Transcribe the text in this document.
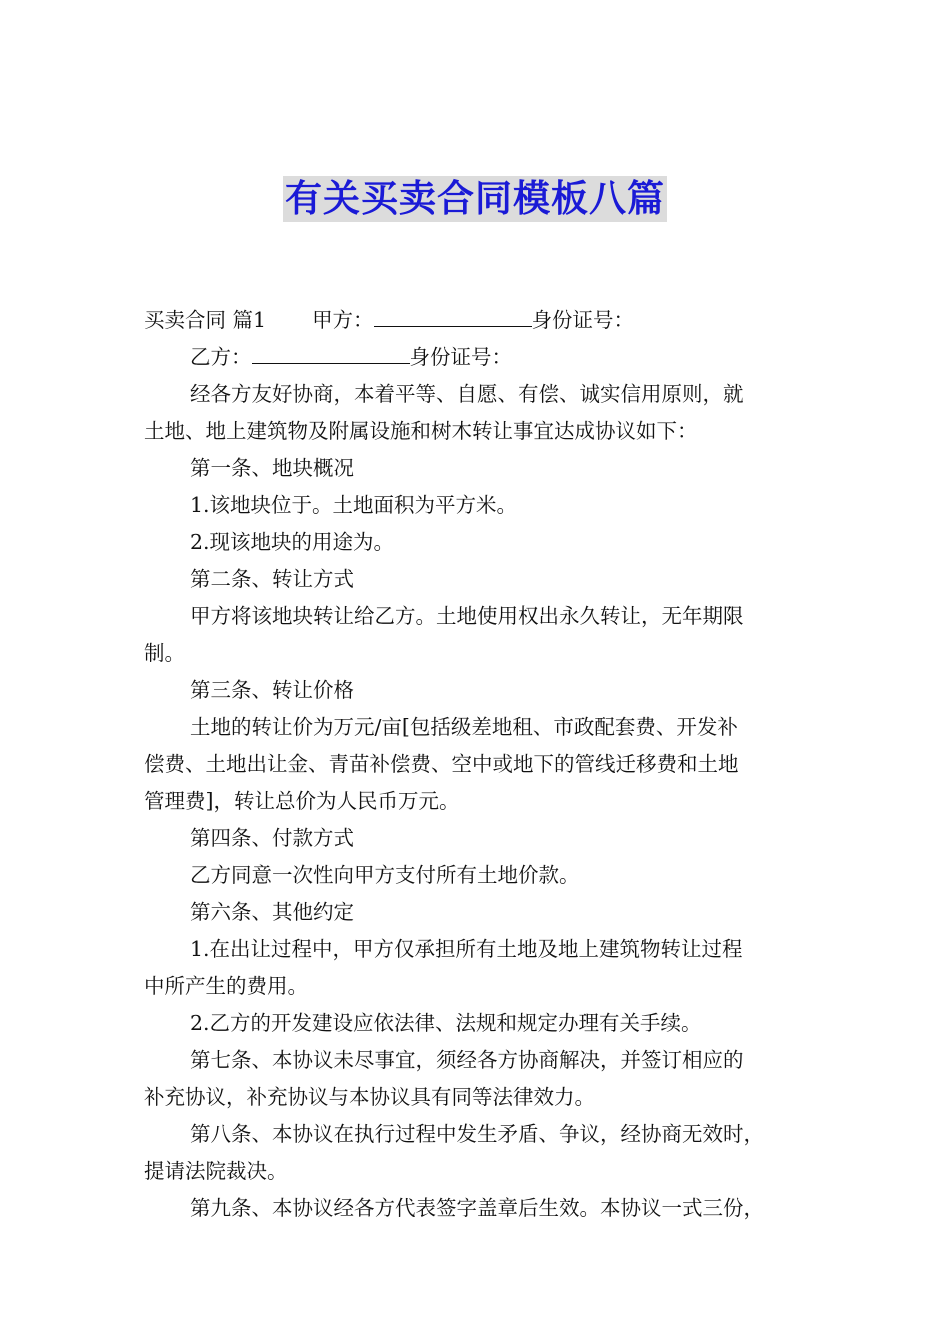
有关买卖合同模板八篇

买卖合同 篇1 甲方：	身份证号：

乙方：	身份证号：

经各方友好协商，本着平等、自愿、有偿、诚实信用原则，就

土地、地上建筑物及附属设施和树木转让事宜达成协议如下：

第一条、地块概况

1.该地块位于。土地面积为平方米。

2.现该地块的用途为。

第二条、转让方式

甲方将该地块转让给乙方。土地使用权出永久转让，无年期限

制。

第三条、转让价格

土地的转让价为万元/亩[包括级差地租、市政配套费、开发补

偿费、土地出让金、青苗补偿费、空中或地下的管线迁移费和土地

管理费]，转让总价为人民币万元。

第四条、付款方式

乙方同意一次性向甲方支付所有土地价款。

第六条、其他约定

1.在出让过程中，甲方仅承担所有土地及地上建筑物转让过程

中所产生的费用。

2.乙方的开发建设应依法律、法规和规定办理有关手续。

第七条、本协议未尽事宜，须经各方协商解决，并签订相应的

补充协议，补充协议与本协议具有同等法律效力。

第八条、本协议在执行过程中发生矛盾、争议，经协商无效时，

提请法院裁决。

第九条、本协议经各方代表签字盖章后生效。本协议一式三份，
